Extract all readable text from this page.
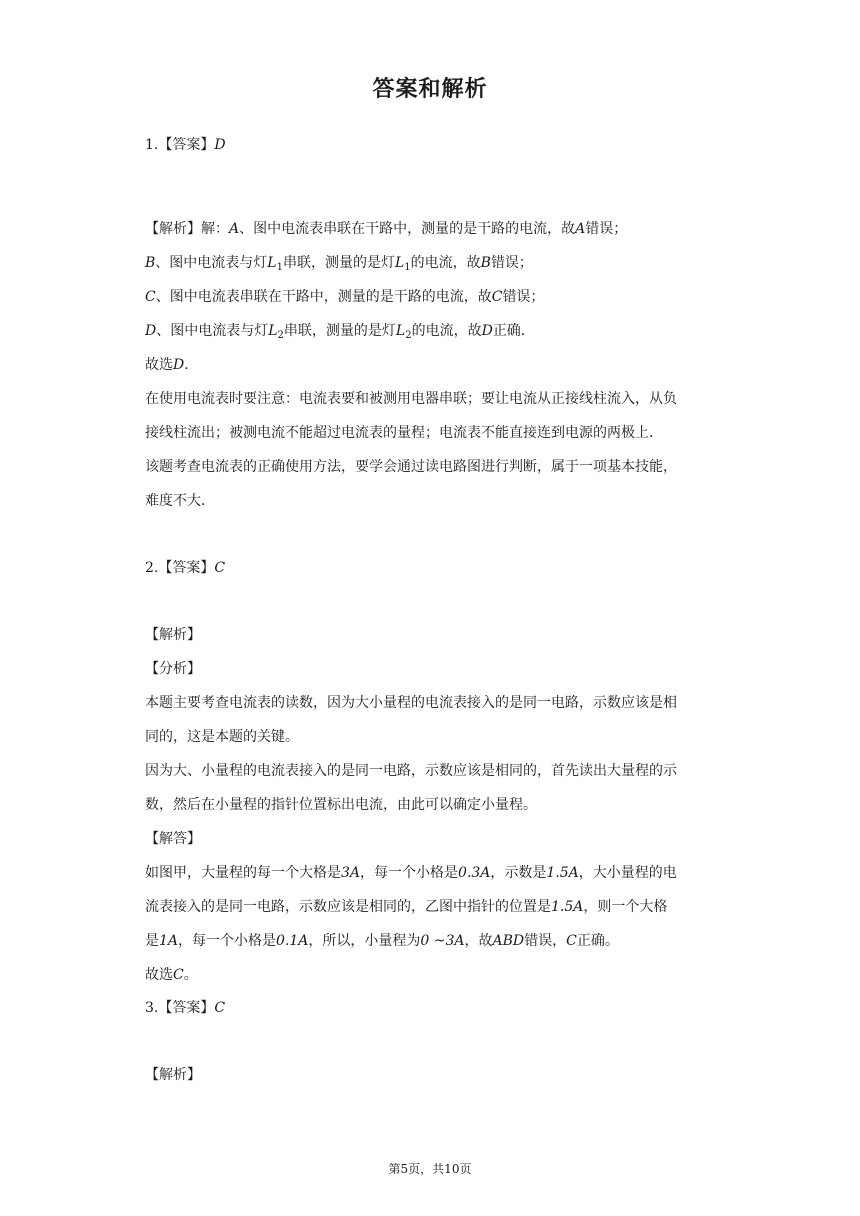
答案和解析
1.【答案】D
【解析】解：A、图中电流表串联在干路中，测量的是干路的电流，故A错误；
B、图中电流表与灯$L_1$串联，测量的是灯$L_1$的电流，故B错误；
C、图中电流表串联在干路中，测量的是干路的电流，故C错误；
D、图中电流表与灯$L_2$串联，测量的是灯$L_2$的电流，故D正确．
故选D．
在使用电流表时要注意：电流表要和被测用电器串联；要让电流从正接线柱流入，从负
接线柱流出；被测电流不能超过电流表的量程；电流表不能直接连到电源的两极上．
该题考查电流表的正确使用方法，要学会通过读电路图进行判断，属于一项基本技能，
难度不大．
2.【答案】C
【解析】
【分析】
本题主要考查电流表的读数，因为大小量程的电流表接入的是同一电路，示数应该是相
同的，这是本题的关键。
因为大、小量程的电流表接入的是同一电路，示数应该是相同的，首先读出大量程的示
数，然后在小量程的指针位置标出电流，由此可以确定小量程。
【解答】
如图甲，大量程的每一个大格是3A，每一个小格是0.3A，示数是1.5A，大小量程的电
流表接入的是同一电路，示数应该是相同的，乙图中指针的位置是1.5A，则一个大格
是1A，每一个小格是0.1A，所以，小量程为0 ~3A，故ABD错误，C正确。
故选C。
3.【答案】C
【解析】
第5页，共10页
